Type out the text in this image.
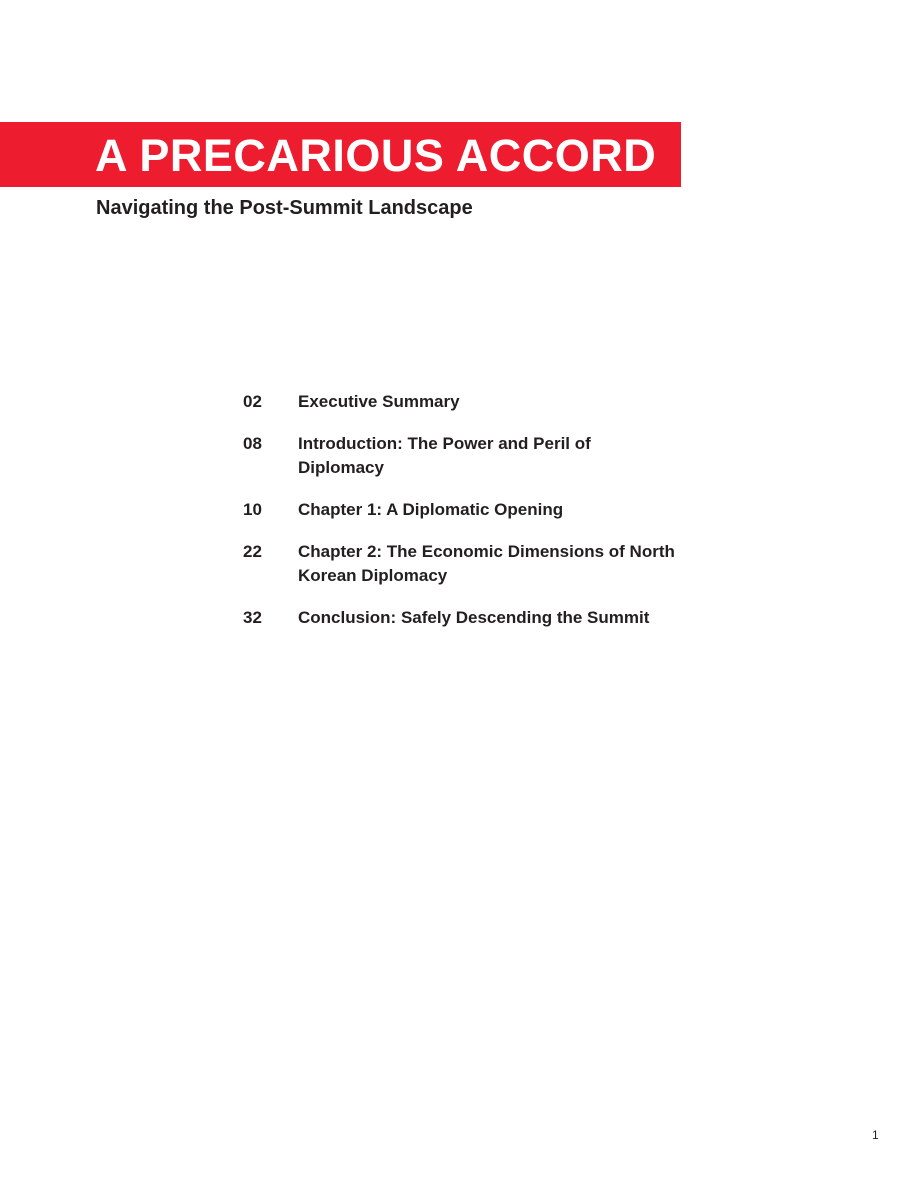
A PRECARIOUS ACCORD
Navigating the Post-Summit Landscape
02	Executive Summary
08	Introduction: The Power and Peril of Diplomacy
10	Chapter 1: A Diplomatic Opening
22	Chapter 2: The Economic Dimensions of North Korean Diplomacy
32	Conclusion: Safely Descending the Summit
1
